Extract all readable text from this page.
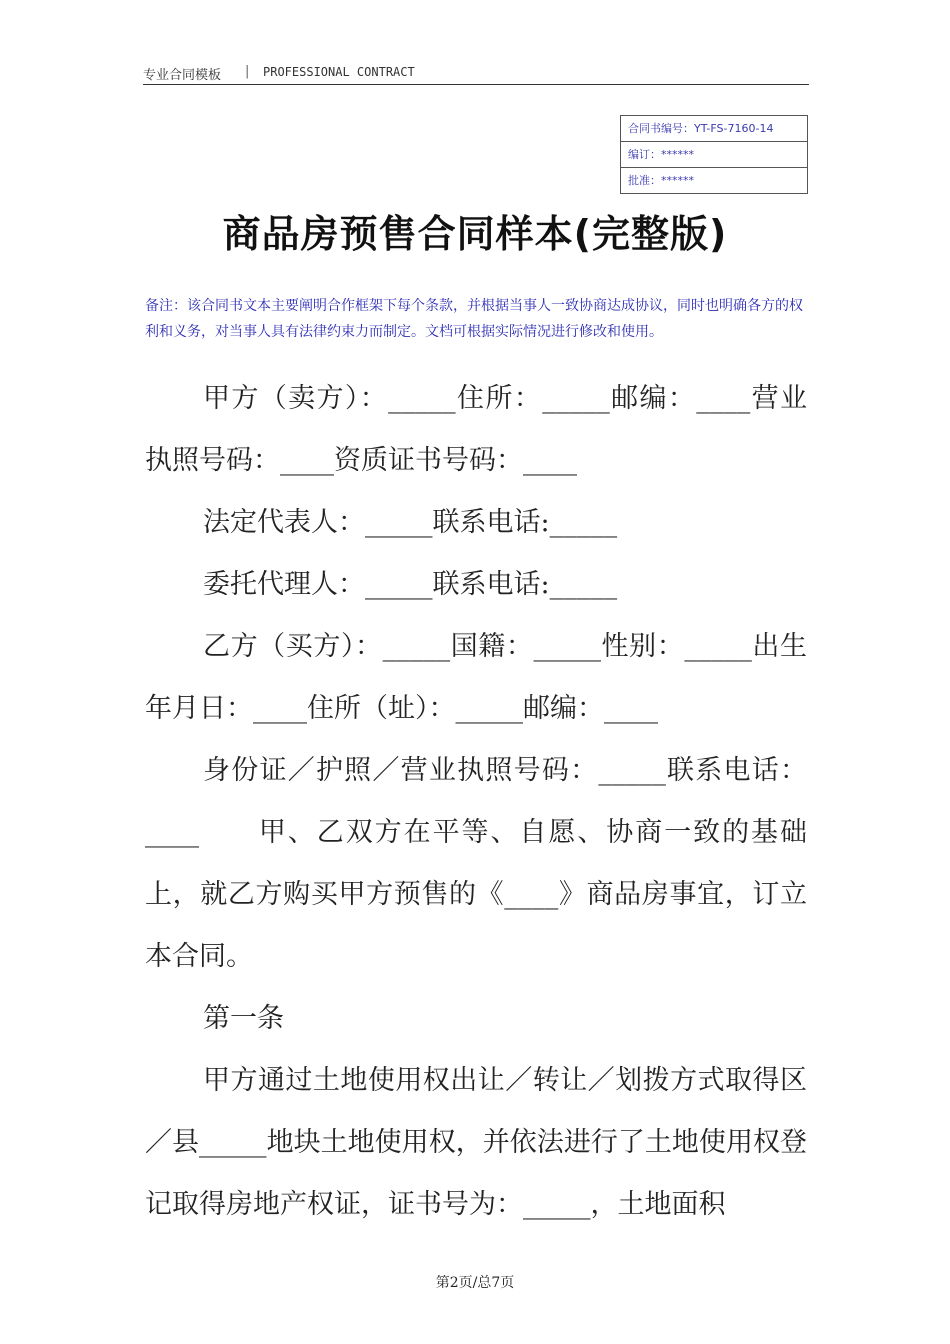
专业合同模板 | PROFESSIONAL CONTRACT
合同书编号：YT-FS-7160-14
编订：******
批准：******
商品房预售合同样本(完整版)
备注：该合同书文本主要阐明合作框架下每个条款，并根据当事人一致协商达成协议，同时也明确各方的权利和义务，对当事人具有法律约束力而制定。文档可根据实际情况进行修改和使用。

甲方（卖方）：_____住所：_____邮编：____营业执照号码：____资质证书号码：____

法定代表人：_____联系电话:_____

委托代理人：_____联系电话:_____

乙方（买方）：_____国籍：_____性别：_____出生年月日：____住所（址）：_____邮编：____

身份证／护照／营业执照号码：_____联系电话：____　　甲、乙双方在平等、自愿、协商一致的基础上，就乙方购买甲方预售的《____》商品房事宜，订立本合同。

第一条

甲方通过土地使用权出让／转让／划拨方式取得区／县_____地块土地使用权，并依法进行了土地使用权登记取得房地产权证，证书号为：_____，土地面积

第2页/总7页
